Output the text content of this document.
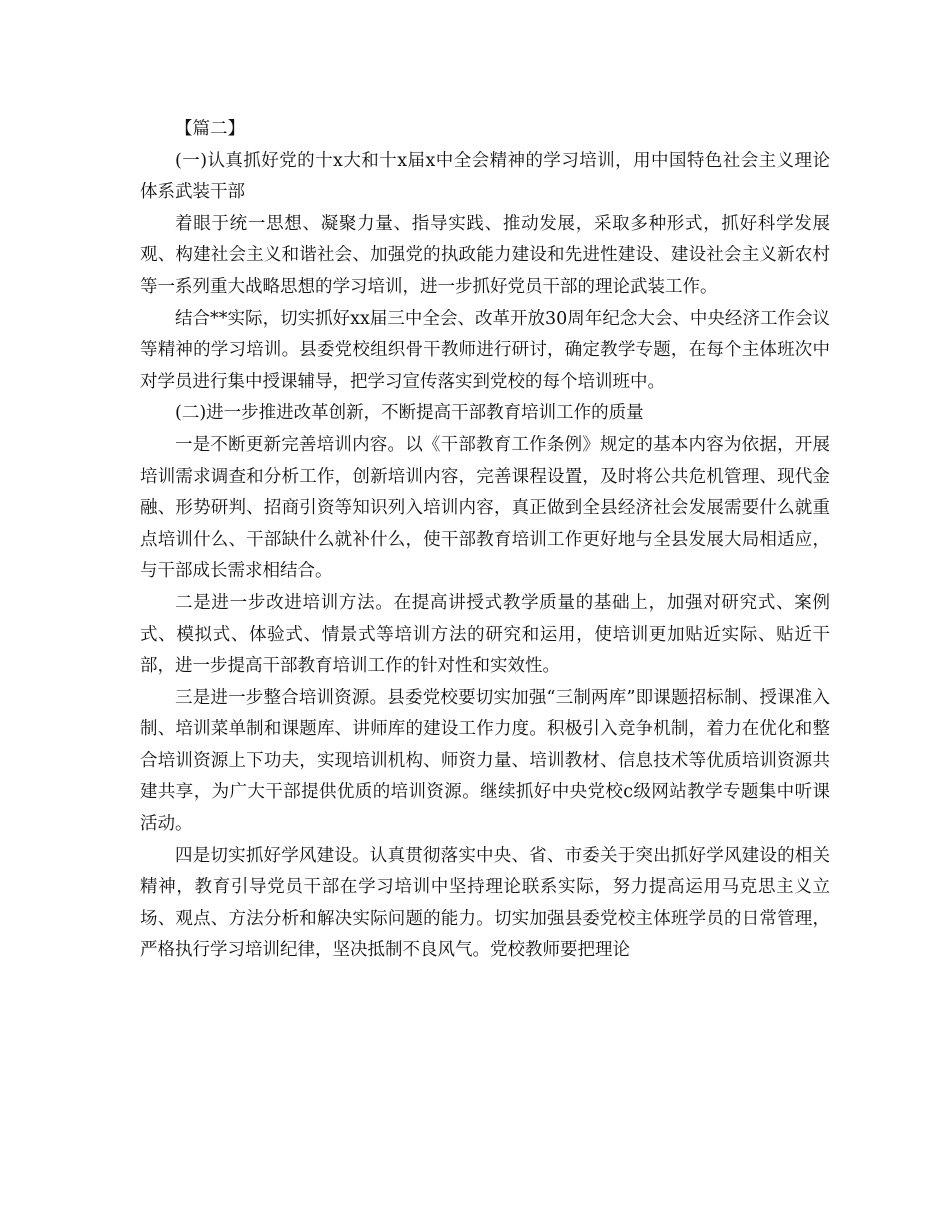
【篇二】

(一)认真抓好党的十x大和十x届x中全会精神的学习培训，用中国特色社会主义理论体系武装干部

着眼于统一思想、凝聚力量、指导实践、推动发展，采取多种形式，抓好科学发展观、构建社会主义和谐社会、加强党的执政能力建设和先进性建设、建设社会主义新农村等一系列重大战略思想的学习培训，进一步抓好党员干部的理论武装工作。

结合**实际，切实抓好xx届三中全会、改革开放30周年纪念大会、中央经济工作会议等精神的学习培训。县委党校组织骨干教师进行研讨，确定教学专题，在每个主体班次中对学员进行集中授课辅导，把学习宣传落实到党校的每个培训班中。

(二)进一步推进改革创新，不断提高干部教育培训工作的质量

一是不断更新完善培训内容。以《干部教育工作条例》规定的基本内容为依据，开展培训需求调查和分析工作，创新培训内容，完善课程设置，及时将公共危机管理、现代金融、形势研判、招商引资等知识列入培训内容，真正做到全县经济社会发展需要什么就重点培训什么、干部缺什么就补什么，使干部教育培训工作更好地与全县发展大局相适应，与干部成长需求相结合。

二是进一步改进培训方法。在提高讲授式教学质量的基础上，加强对研究式、案例式、模拟式、体验式、情景式等培训方法的研究和运用，使培训更加贴近实际、贴近干部，进一步提高干部教育培训工作的针对性和实效性。

三是进一步整合培训资源。县委党校要切实加强“三制两库”即课题招标制、授课准入制、培训菜单制和课题库、讲师库的建设工作力度。积极引入竞争机制，着力在优化和整合培训资源上下功夫，实现培训机构、师资力量、培训教材、信息技术等优质培训资源共建共享，为广大干部提供优质的培训资源。继续抓好中央党校c级网站教学专题集中听课活动。

四是切实抓好学风建设。认真贯彻落实中央、省、市委关于突出抓好学风建设的相关精神，教育引导党员干部在学习培训中坚持理论联系实际，努力提高运用马克思主义立场、观点、方法分析和解决实际问题的能力。切实加强县委党校主体班学员的日常管理，严格执行学习培训纪律，坚决抵制不良风气。党校教师要把理论
